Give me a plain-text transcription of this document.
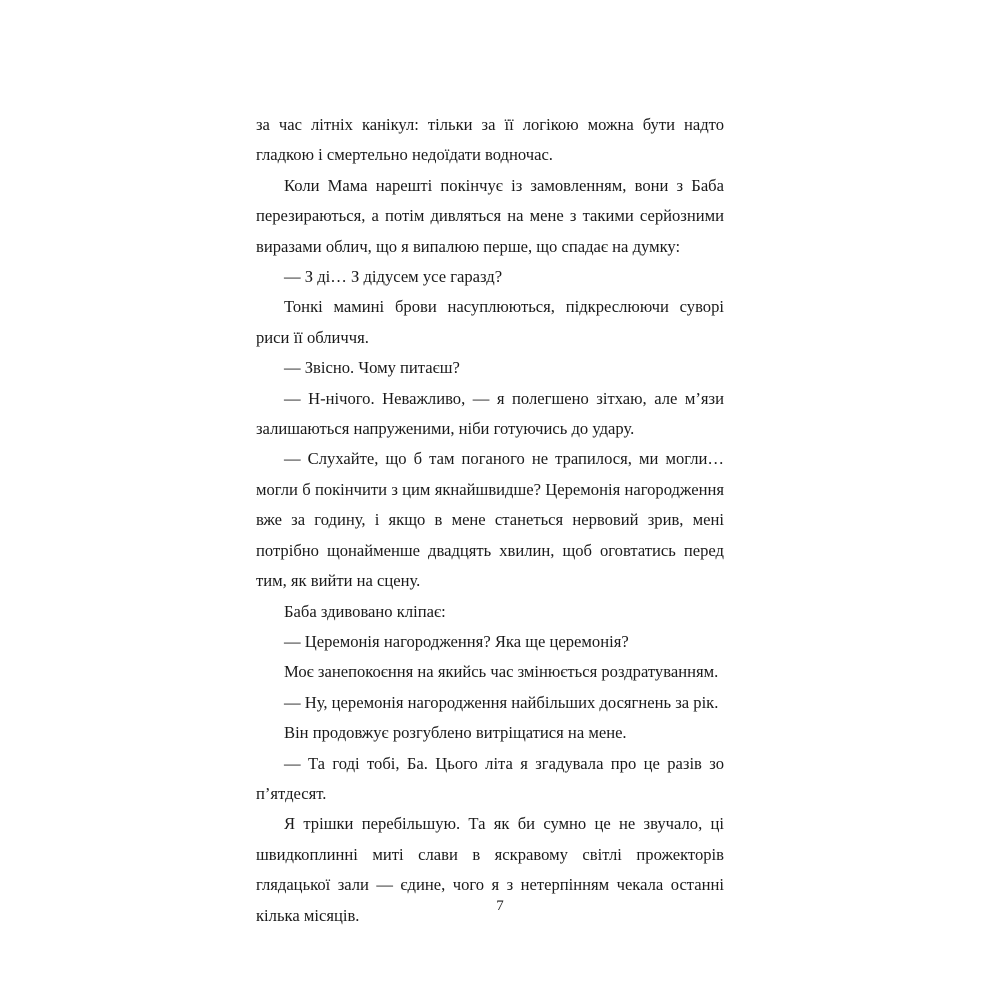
за час літніх канікул: тільки за її логікою можна бути надто гладкою і смертельно недоїдати водночас.

Коли Мама нарешті покінчує із замовленням, вони з Баба перезираються, а потім дивляться на мене з такими серйозними виразами облич, що я випалюю перше, що спадає на думку:

— З ді… З дідусем усе гаразд?

Тонкі мамині брови насуплюються, підкреслюючи суворі риси її обличчя.

— Звісно. Чому питаєш?

— Н-нічого. Неважливо, — я полегшено зітхаю, але м’язи залишаються напруженими, ніби готуючись до удару.

— Слухайте, що б там поганого не трапилося, ми могли… могли б покінчити з цим якнайшвидше? Церемонія нагородження вже за годину, і якщо в мене станеться нервовий зрив, мені потрібно щонайменше двадцять хвилин, щоб оговтатись перед тим, як вийти на сцену.

Баба здивовано кліпає:

— Церемонія нагородження? Яка ще церемонія?

Моє занепокоєння на якийсь час змінюється роздратуванням.

— Ну, церемонія нагородження найбільших досягнень за рік.

Він продовжує розгублено витріщатися на мене.

— Та годі тобі, Ба. Цього літа я згадувала про це разів зо п’ятдесят.

Я трішки перебільшую. Та як би сумно це не звучало, ці швидкоплинні миті слави в яскравому світлі прожекторів глядацької зали — єдине, чого я з нетерпінням чекала останні кілька місяців.	7
